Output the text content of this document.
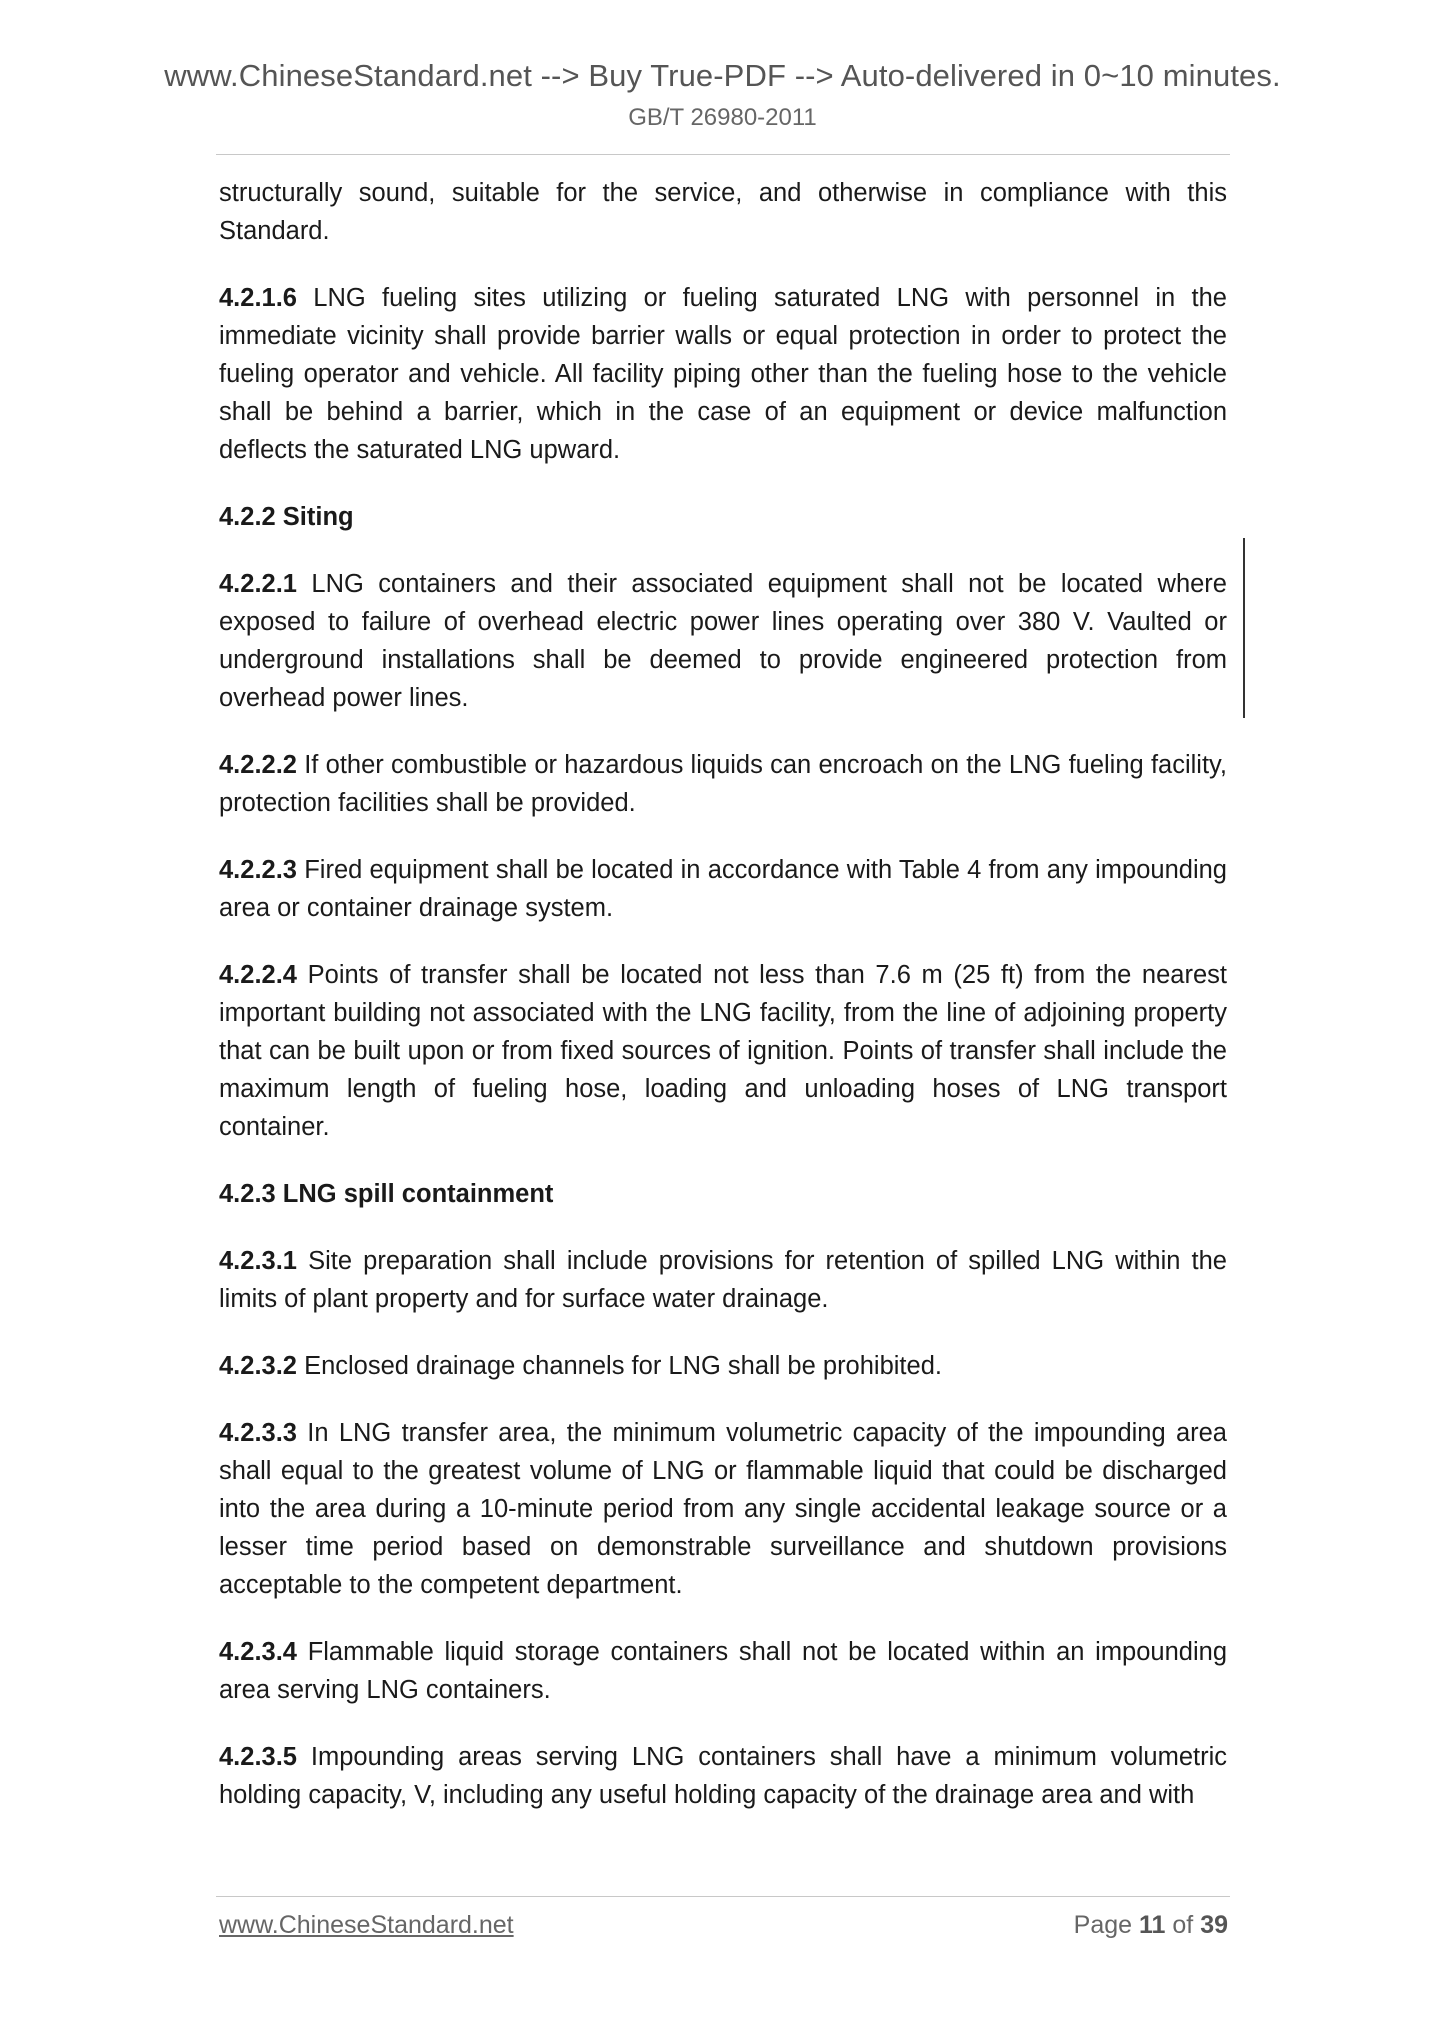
www.ChineseStandard.net --> Buy True-PDF --> Auto-delivered in 0~10 minutes.
GB/T 26980-2011

structurally sound, suitable for the service, and otherwise in compliance with this Standard.

4.2.1.6 LNG fueling sites utilizing or fueling saturated LNG with personnel in the immediate vicinity shall provide barrier walls or equal protection in order to protect the fueling operator and vehicle. All facility piping other than the fueling hose to the vehicle shall be behind a barrier, which in the case of an equipment or device malfunction deflects the saturated LNG upward.

4.2.2 Siting

4.2.2.1 LNG containers and their associated equipment shall not be located where exposed to failure of overhead electric power lines operating over 380 V. Vaulted or underground installations shall be deemed to provide engineered protection from overhead power lines.

4.2.2.2 If other combustible or hazardous liquids can encroach on the LNG fueling facility, protection facilities shall be provided.

4.2.2.3 Fired equipment shall be located in accordance with Table 4 from any impounding area or container drainage system.

4.2.2.4 Points of transfer shall be located not less than 7.6 m (25 ft) from the nearest important building not associated with the LNG facility, from the line of adjoining property that can be built upon or from fixed sources of ignition. Points of transfer shall include the maximum length of fueling hose, loading and unloading hoses of LNG transport container.

4.2.3 LNG spill containment

4.2.3.1 Site preparation shall include provisions for retention of spilled LNG within the limits of plant property and for surface water drainage.

4.2.3.2 Enclosed drainage channels for LNG shall be prohibited.

4.2.3.3 In LNG transfer area, the minimum volumetric capacity of the impounding area shall equal to the greatest volume of LNG or flammable liquid that could be discharged into the area during a 10-minute period from any single accidental leakage source or a lesser time period based on demonstrable surveillance and shutdown provisions acceptable to the competent department.

4.2.3.4 Flammable liquid storage containers shall not be located within an impounding area serving LNG containers.

4.2.3.5 Impounding areas serving LNG containers shall have a minimum volumetric holding capacity, V, including any useful holding capacity of the drainage area and with

www.ChineseStandard.net	Page 11 of 39
